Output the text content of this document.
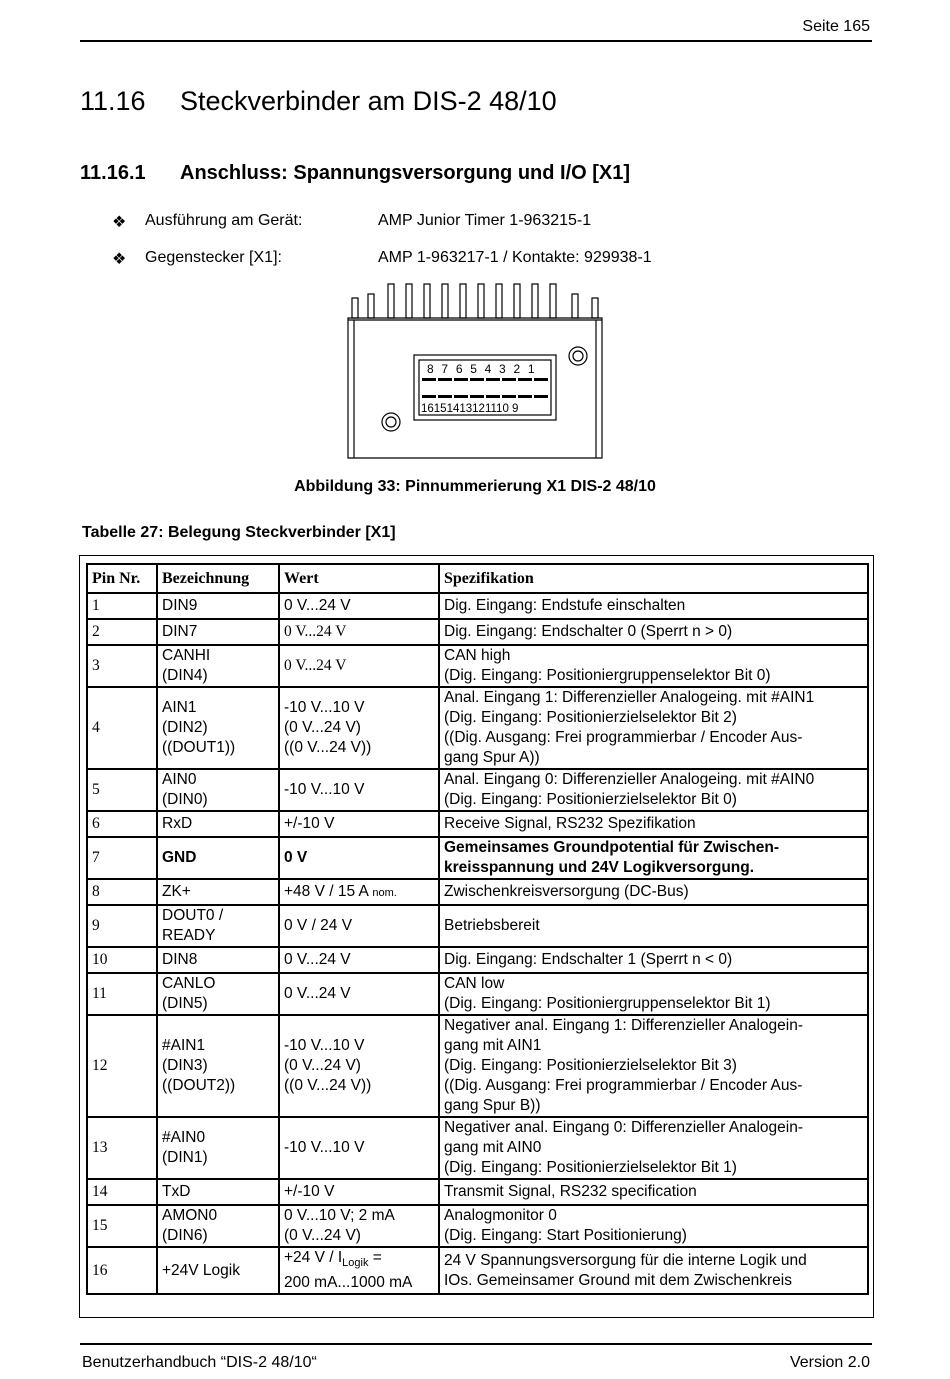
Seite 165
11.16 Steckverbinder am DIS-2 48/10
11.16.1 Anschluss: Spannungsversorgung und I/O [X1]
❖	Ausführung am Gerät:	AMP Junior Timer 1-963215-1
❖	Gegenstecker [X1]:	AMP 1-963217-1 / Kontakte: 929938-1
8 7 6 5 4 3 2 1
16151413121110 9
Abbildung 33: Pinnummerierung X1 DIS-2 48/10
Tabelle 27: Belegung Steckverbinder [X1]
Pin Nr.	Bezeichnung	Wert	Spezifikation
1	DIN9	0 V...24 V	Dig. Eingang: Endstufe einschalten

2	DIN7	0 V...24 V	Dig. Eingang: Endschalter 0 (Sperrt n > 0)

3	CANHI
(DIN4)	0 V...24 V	CAN high
(Dig. Eingang: Positioniergruppenselektor Bit 0)

4	AIN1
(DIN2)
((DOUT1))	-10 V...10 V
(0 V...24 V)
((0 V...24 V))	Anal. Eingang 1: Differenzieller Analogeing. mit #AIN1
(Dig. Eingang: Positionierzielselektor Bit 2)
((Dig. Ausgang: Frei programmierbar / Encoder Aus-
gang Spur A))

5	AIN0
(DIN0)	-10 V...10 V	Anal. Eingang 0: Differenzieller Analogeing. mit #AIN0
(Dig. Eingang: Positionierzielselektor Bit 0)

6	RxD	+/-10 V	Receive Signal, RS232 Spezifikation

7	GND	0 V	Gemeinsames Groundpotential für Zwischen-
kreisspannung und 24V Logikversorgung.

8	ZK+	+48 V / 15 A nom.	Zwischenkreisversorgung (DC-Bus)

9	DOUT0 /
READY	0 V / 24 V	Betriebsbereit

10	DIN8	0 V...24 V	Dig. Eingang: Endschalter 1 (Sperrt n < 0)

11	CANLO
(DIN5)	0 V...24 V	CAN low
(Dig. Eingang: Positioniergruppenselektor Bit 1)

12	#AIN1
(DIN3)
((DOUT2))	-10 V...10 V
(0 V...24 V)
((0 V...24 V))	Negativer anal. Eingang 1: Differenzieller Analogein-
gang mit AIN1
(Dig. Eingang: Positionierzielselektor Bit 3)
((Dig. Ausgang: Frei programmierbar / Encoder Aus-
gang Spur B))

13	#AIN0
(DIN1)	-10 V...10 V	Negativer anal. Eingang 0: Differenzieller Analogein-
gang mit AIN0
(Dig. Eingang: Positionierzielselektor Bit 1)

14	TxD	+/-10 V	Transmit Signal, RS232 specification

15	AMON0
(DIN6)	0 V...10 V; 2 mA
(0 V...24 V)	Analogmonitor 0
(Dig. Eingang: Start Positionierung)

16	+24V Logik	+24 V / $I_{Logik}$ =
200 mA...1000 mA	24 V Spannungsversorgung für die interne Logik und
IOs. Gemeinsamer Ground mit dem Zwischenkreis
Benutzerhandbuch “DIS-2 48/10“	Version 2.0
